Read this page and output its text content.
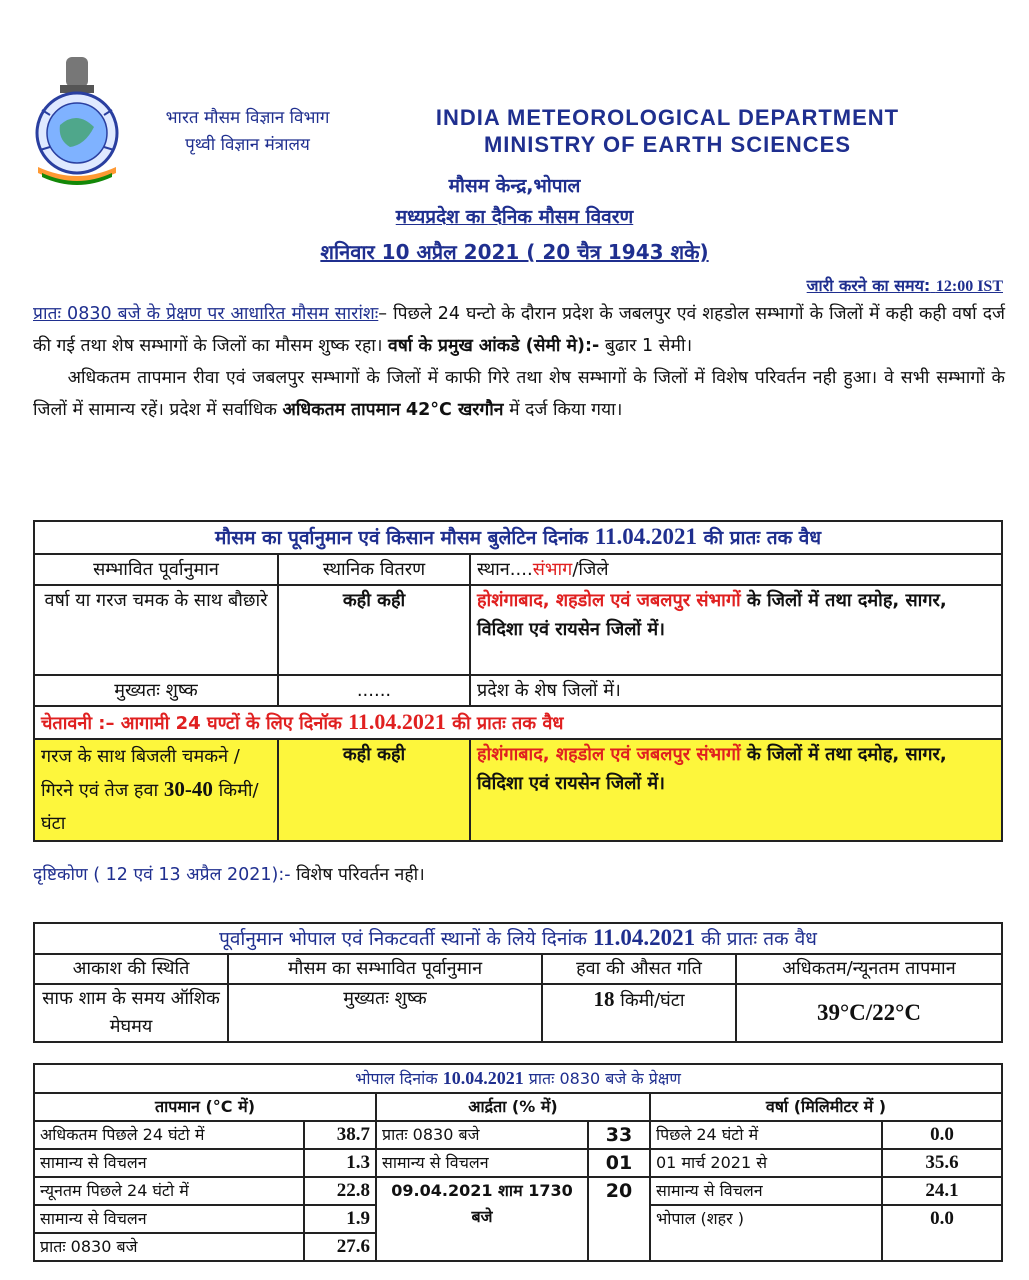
भारत मौसम विज्ञान विभाग
पृथ्वी विज्ञान मंत्रालय
INDIA METEOROLOGICAL DEPARTMENT
MINISTRY OF EARTH SCIENCES
मौसम केन्द्र,भोपाल
मध्यप्रदेश का दैनिक मौसम विवरण
शनिवार 10 अप्रैल 2021 ( 20 चैत्र 1943 शके)
जारी करने का समय: 12:00 IST
प्रातः 0830 बजे के प्रेक्षण पर आधारित मौसम सारांशः– पिछले 24 घन्टो के दौरान प्रदेश के जबलपुर एवं शहडोल सम्भागों के जिलों में कही कही वर्षा दर्ज की गई तथा शेष सम्भागों के जिलों का मौसम शुष्क रहा। वर्षा के प्रमुख आंकडे (सेमी मे):- बुढार 1 सेमी।
अधिकतम तापमान रीवा एवं जबलपुर सम्भागों के जिलों में काफी गिरे तथा शेष सम्भागों के जिलों में विशेष परिवर्तन नही हुआ। वे सभी सम्भागों के जिलों में सामान्य रहें। प्रदेश में सर्वाधिक अधिकतम तापमान 42°C खरगौन में दर्ज किया गया।
मौसम का पूर्वानुमान एवं किसान मौसम बुलेटिन दिनांक 11.04.2021 की प्रातः तक वैध		
सम्भावित पूर्वानुमान	स्थानिक वितरण	स्थान....संभाग/जिले
वर्षा या गरज चमक के साथ बौछारे	कही कही	होशंगाबाद, शहडोल एवं जबलपुर संभागों के जिलों में तथा दमोह, सागर, विदिशा एवं रायसेन जिलों में।
मुख्यतः शुष्क	......	प्रदेश के शेष जिलों में।
चेतावनी :– आगामी 24 घण्टों के लिए दिनॉक 11.04.2021 की प्रातः तक वैध		
गरज के साथ बिजली चमकने / गिरने एवं तेज हवा 30-40 किमी/घंटा	कही कही	होशंगाबाद, शहडोल एवं जबलपुर संभागों के जिलों में तथा दमोह, सागर, विदिशा एवं रायसेन जिलों में।
दृष्टिकोण ( 12 एवं 13 अप्रैल 2021):- विशेष परिवर्तन नही।
पूर्वानुमान भोपाल एवं निकटवर्ती स्थानों के लिये दिनांक 11.04.2021 की प्रातः तक वैध			
आकाश की स्थिति	मौसम का सम्भावित पूर्वानुमान	हवा की औसत गति	अधिकतम/न्यूनतम तापमान
साफ शाम के समय ऑशिक मेघमय	मुख्यतः शुष्क	18 किमी/घंटा	39°C/22°C
भोपाल दिनांक 10.04.2021 प्रातः 0830 बजे के प्रेक्षण					
तापमान (°C में)		आर्द्रता (% में)		वर्षा (मिलिमीटर में )	
अधिकतम पिछले 24 घंटो में	38.7	प्रातः 0830 बजे	33	पिछले 24 घंटो में	0.0
सामान्य से विचलन	1.3	सामान्य से विचलन	01	01 मार्च 2021 से	35.6
न्यूनतम पिछले 24 घंटो में	22.8	09.04.2021 शाम 1730 बजे	20	सामान्य से विचलन	24.1
सामान्य से विचलन	1.9			भोपाल (शहर )	0.0
प्रातः 0830 बजे	27.6				
